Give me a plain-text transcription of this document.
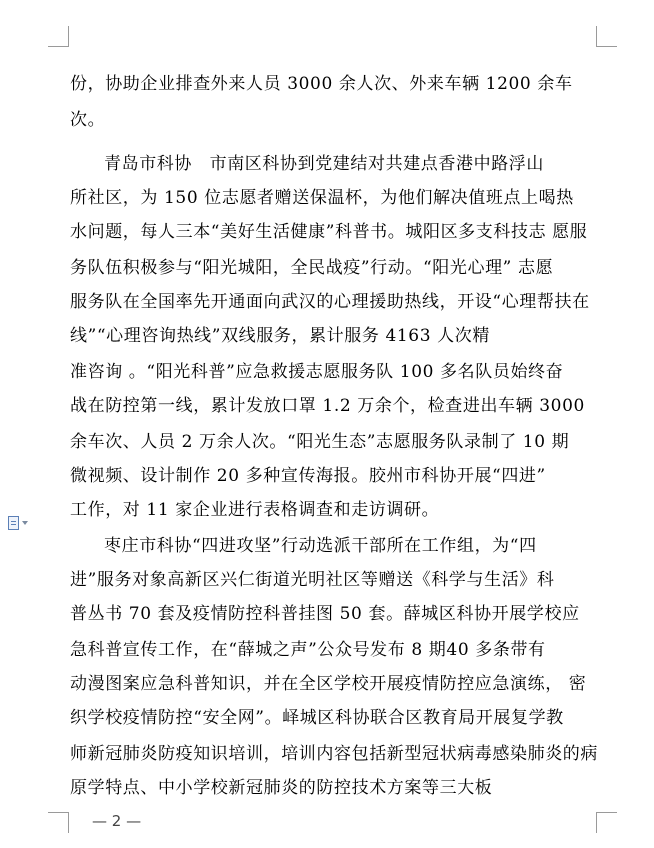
份，协助企业排查外来人员 3000 余人次、外来车辆 1200 余车
次。
青岛市科协　市南区科协到党建结对共建点香港中路浮山
所社区，为 150 位志愿者赠送保温杯，为他们解决值班点上喝热
水问题，每人三本“美好生活健康”科普书。城阳区多支科技志 愿服
务队伍积极参与“阳光城阳，全民战疫”行动。“阳光心理” 志愿
服务队在全国率先开通面向武汉的心理援助热线，开设“心理帮扶在
线”“心理咨询热线”双线服务，累计服务 4163 人次精
准咨询 。“阳光科普”应急救援志愿服务队 100 多名队员始终奋
战在防控第一线，累计发放口罩 1.2 万余个，检查进出车辆 3000
余车次、人员 2 万余人次。“阳光生态”志愿服务队录制了 10 期
微视频、设计制作 20 多种宣传海报。胶州市科协开展“四进”
工作，对 11 家企业进行表格调查和走访调研。
枣庄市科协“四进攻坚”行动选派干部所在工作组，为“四
进”服务对象高新区兴仁街道光明社区等赠送《科学与生活》科
普丛书 70 套及疫情防控科普挂图 50 套。薛城区科协开展学校应
急科普宣传工作，在“薛城之声”公众号发布 8 期40 多条带有
动漫图案应急科普知识，并在全区学校开展疫情防控应急演练， 密
织学校疫情防控“安全网”。峄城区科协联合区教育局开展复学教
师新冠肺炎防疫知识培训，培训内容包括新型冠状病毒感染肺炎的病
原学特点、中小学校新冠肺炎的防控技术方案等三大板
— 2 —
